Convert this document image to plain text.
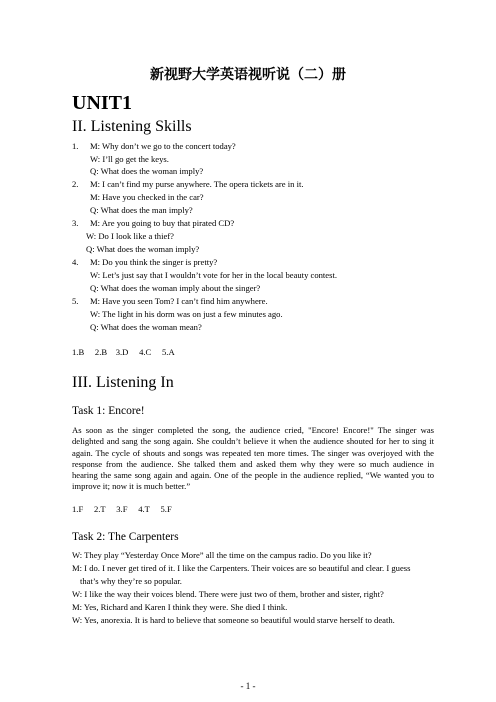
新视野大学英语视听说（二）册
UNIT1
II. Listening Skills
1. M: Why don’t we go to the concert today?
W: I’ll go get the keys.
Q: What does the woman imply?
2. M: I can’t find my purse anywhere. The opera tickets are in it.
M: Have you checked in the car?
Q: What does the man imply?
3. M: Are you going to buy that pirated CD?
W: Do I look like a thief?
Q: What does the woman imply?
4. M: Do you think the singer is pretty?
W: Let’s just say that I wouldn’t vote for her in the local beauty contest.
Q: What does the woman imply about the singer?
5. M: Have you seen Tom? I can’t find him anywhere.
W: The light in his dorm was on just a few minutes ago.
Q: What does the woman mean?
1.B     2.B    3.D     4.C     5.A
III. Listening In
Task 1: Encore!
As soon as the singer completed the song, the audience cried, "Encore! Encore!" The singer was delighted and sang the song again. She couldn’t believe it when the audience shouted for her to sing it again. The cycle of shouts and songs was repeated ten more times. The singer was overjoyed with the response from the audience. She talked them and asked them why they were so much audience in hearing the same song again and again. One of the people in the audience replied, “We wanted you to improve it; now it is much better.”
1.F     2.T     3.F     4.T     5.F
Task 2: The Carpenters
W: They play “Yesterday Once More” all the time on the campus radio. Do you like it?
M: I do. I never get tired of it. I like the Carpenters. Their voices are so beautiful and clear. I guess
that’s why they’re so popular.
W: I like the way their voices blend. There were just two of them, brother and sister, right?
M: Yes, Richard and Karen I think they were. She died I think.
W: Yes, anorexia. It is hard to believe that someone so beautiful would starve herself to death.
- 1 -
